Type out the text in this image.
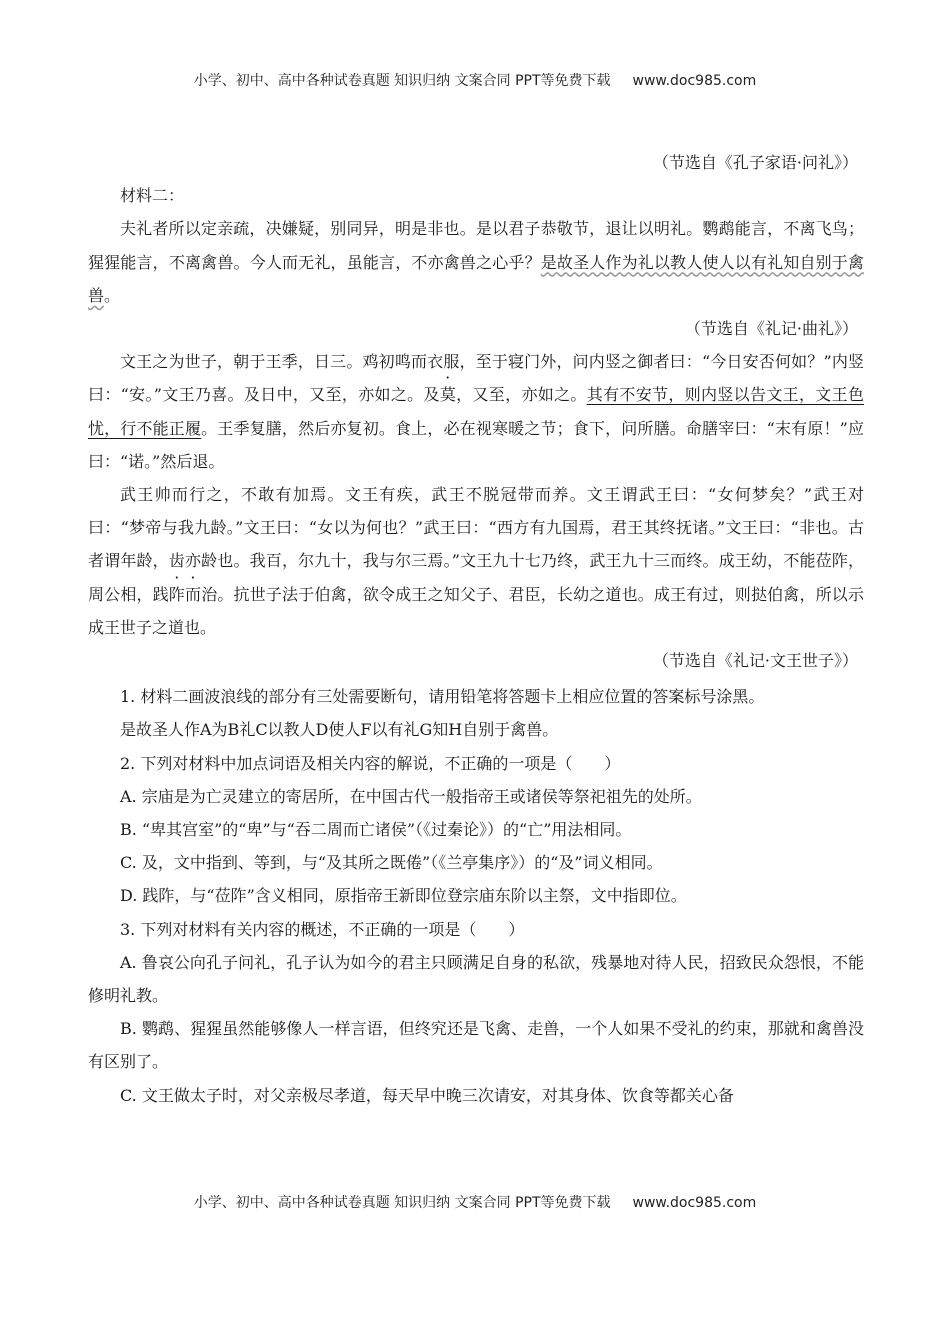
小学、初中、高中各种试卷真题 知识归纳 文案合同 PPT等免费下载 www.doc985.com

（节选自《孔子家语·问礼》）

材料二：

夫礼者所以定亲疏，决嫌疑，别同异，明是非也。是以君子恭敬节，退让以明礼。鹦鹉能言，不离飞鸟；猩猩能言，不离禽兽。今人而无礼，虽能言，不亦禽兽之心乎？是故圣人作为礼以教人使人以有礼知自别于禽兽。

（节选自《礼记·曲礼》）

文王之为世子，朝于王季，日三。鸡初鸣而衣服，至于寝门外，问内竖之御者曰：“今日安否何如？”内竖曰：“安。”文王乃喜。及日中，又至，亦如之。及莫，又至，亦如之。其有不安节，则内竖以告文王，文王色忧，行不能正履。王季复膳，然后亦复初。食上，必在视寒暖之节；食下，问所膳。命膳宰曰：“末有原！”应曰：“诺。”然后退。

武王帅而行之，不敢有加焉。文王有疾，武王不脱冠带而养。文王谓武王曰：“女何梦矣？”武王对曰：“梦帝与我九龄。”文王曰：“女以为何也？”武王曰：“西方有九国焉，君王其终抚诸。”文王曰：“非也。古者谓年龄，齿亦龄也。我百，尔九十，我与尔三焉。”文王九十七乃终，武王九十三而终。成王幼，不能莅阼，周公相，践阼而治。抗世子法于伯禽，欲令成王之知父子、君臣，长幼之道也。成王有过，则挞伯禽，所以示成王世子之道也。

（节选自《礼记·文王世子》）

1. 材料二画波浪线的部分有三处需要断句，请用铅笔将答题卡上相应位置的答案标号涂黑。

是故圣人作A为B礼C以教人D使人F以有礼G知H自别于禽兽。

2. 下列对材料中加点词语及相关内容的解说，不正确的一项是（　　）

A. 宗庙是为亡灵建立的寄居所，在中国古代一般指帝王或诸侯等祭祀祖先的处所。

B. “卑其宫室”的“卑”与“吞二周而亡诸侯”（《过秦论》）的“亡”用法相同。

C. 及，文中指到、等到，与“及其所之既倦”（《兰亭集序》）的“及”词义相同。

D. 践阼，与“莅阼”含义相同，原指帝王新即位登宗庙东阶以主祭，文中指即位。

3. 下列对材料有关内容的概述，不正确的一项是（　　）

A. 鲁哀公向孔子问礼，孔子认为如今的君主只顾满足自身的私欲，残暴地对待人民，招致民众怨恨，不能修明礼教。

B. 鹦鹉、猩猩虽然能够像人一样言语，但终究还是飞禽、走兽，一个人如果不受礼的约束，那就和禽兽没有区别了。

C. 文王做太子时，对父亲极尽孝道，每天早中晚三次请安，对其身体、饮食等都关心备

小学、初中、高中各种试卷真题 知识归纳 文案合同 PPT等免费下载 www.doc985.com
